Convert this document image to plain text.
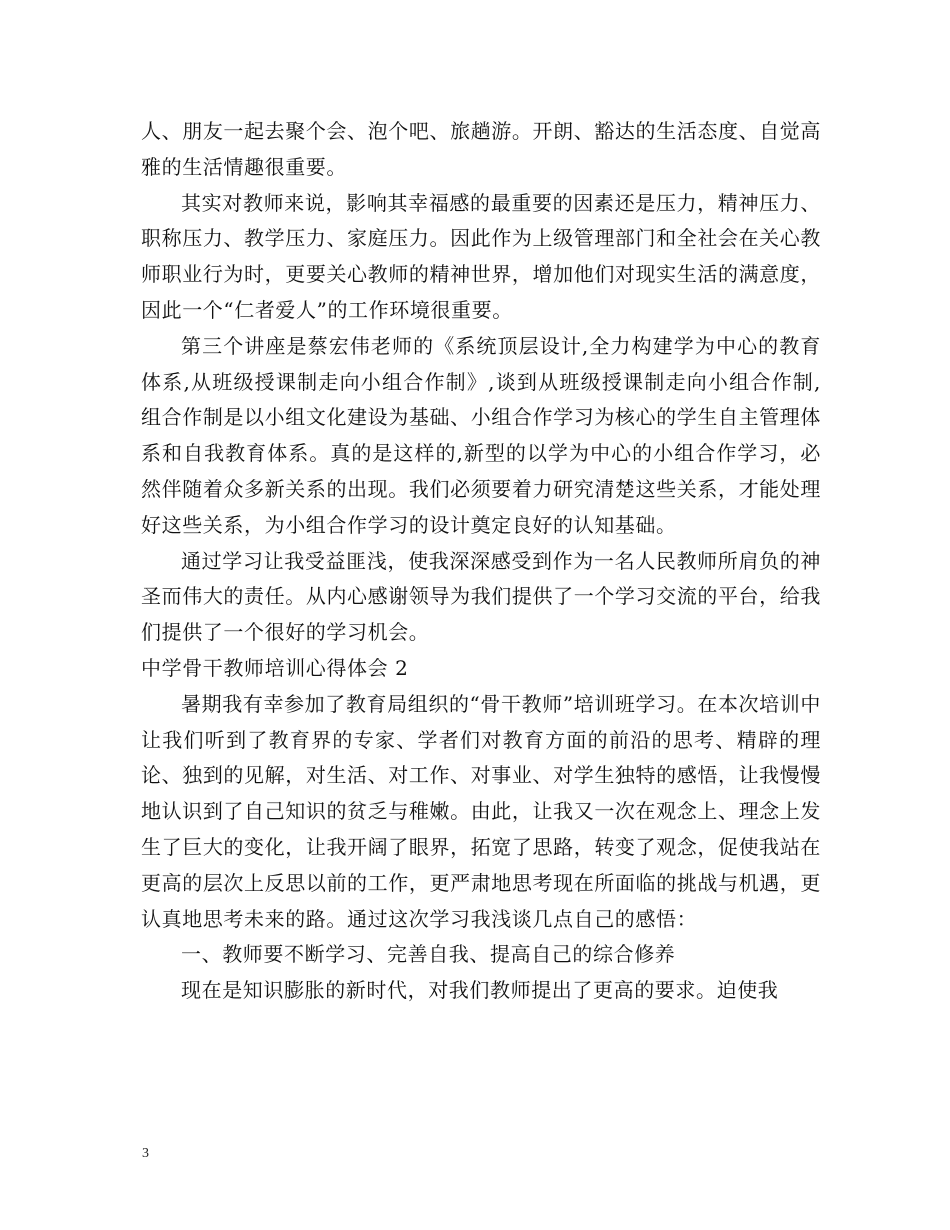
人、朋友一起去聚个会、泡个吧、旅趟游。开朗、豁达的生活态度、自觉高雅的生活情趣很重要。

其实对教师来说，影响其幸福感的最重要的因素还是压力，精神压力、职称压力、教学压力、家庭压力。因此作为上级管理部门和全社会在关心教师职业行为时，更要关心教师的精神世界，增加他们对现实生活的满意度，因此一个“仁者爱人”的工作环境很重要。

第三个讲座是蔡宏伟老师的《系统顶层设计,全力构建学为中心的教育体系,从班级授课制走向小组合作制》,谈到从班级授课制走向小组合作制,组合作制是以小组文化建设为基础、小组合作学习为核心的学生自主管理体系和自我教育体系。真的是这样的,新型的以学为中心的小组合作学习，必然伴随着众多新关系的出现。我们必须要着力研究清楚这些关系，才能处理好这些关系，为小组合作学习的设计奠定良好的认知基础。

通过学习让我受益匪浅，使我深深感受到作为一名人民教师所肩负的神圣而伟大的责任。从内心感谢领导为我们提供了一个学习交流的平台，给我们提供了一个很好的学习机会。

中学骨干教师培训心得体会 2

暑期我有幸参加了教育局组织的“骨干教师”培训班学习。在本次培训中让我们听到了教育界的专家、学者们对教育方面的前沿的思考、精辟的理论、独到的见解，对生活、对工作、对事业、对学生独特的感悟，让我慢慢地认识到了自己知识的贫乏与稚嫩。由此，让我又一次在观念上、理念上发生了巨大的变化，让我开阔了眼界，拓宽了思路，转变了观念，促使我站在更高的层次上反思以前的工作，更严肃地思考现在所面临的挑战与机遇，更认真地思考未来的路。通过这次学习我浅谈几点自己的感悟：

一、教师要不断学习、完善自我、提高自己的综合修养

现在是知识膨胀的新时代，对我们教师提出了更高的要求。迫使我

3
